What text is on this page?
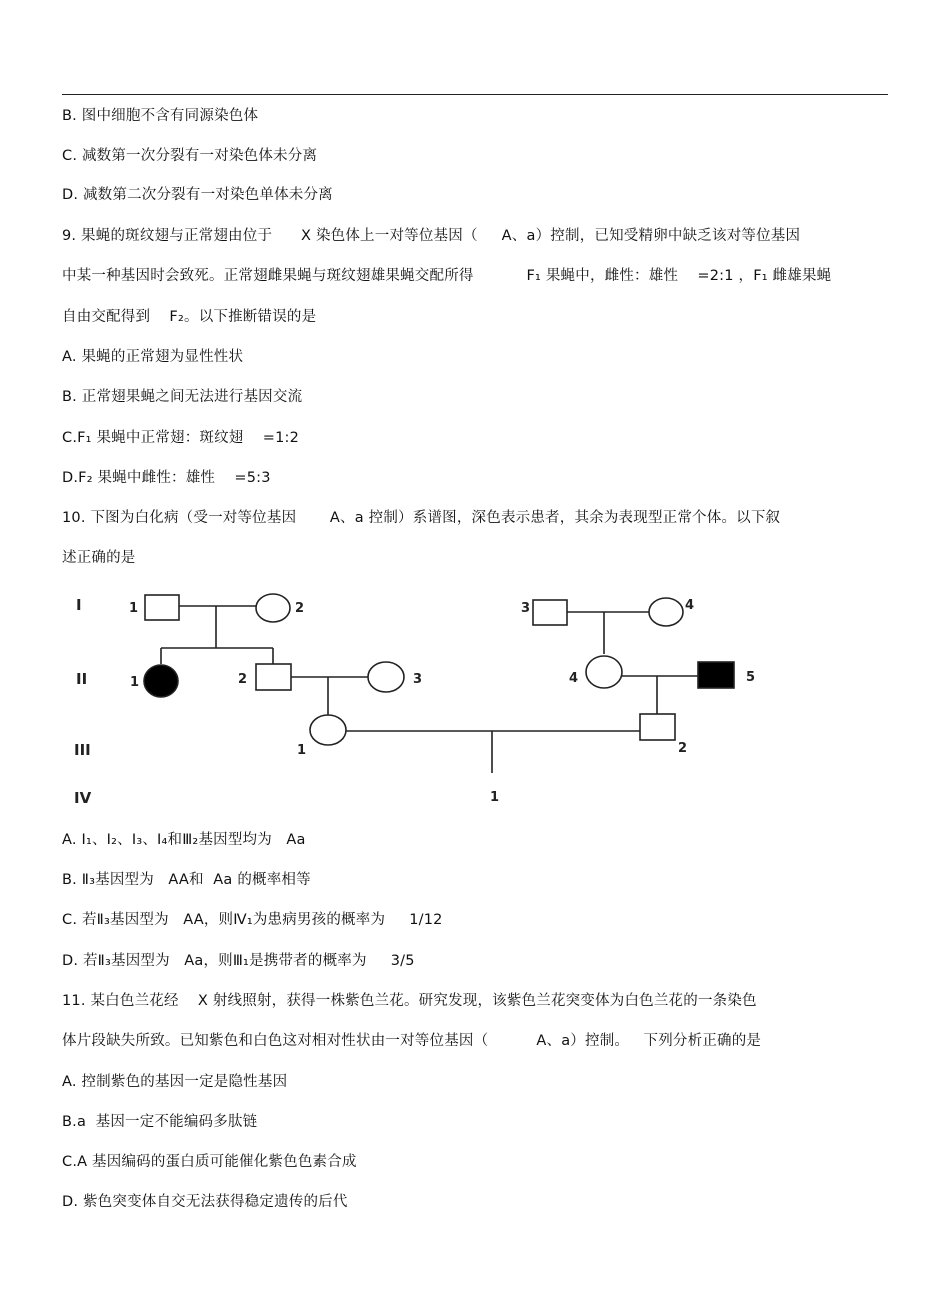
B. 图中细胞不含有同源染色体
C. 减数第一次分裂有一对染色体未分离
D. 减数第二次分裂有一对染色单体未分离
9. 果蝇的斑纹翅与正常翅由位于      X 染色体上一对等位基因（     A、a）控制，已知受精卵中缺乏该对等位基因
中某一种基因时会致死。正常翅雌果蝇与斑纹翅雄果蝇交配所得           F₁ 果蝇中，雌性：雄性    =2:1 ，F₁ 雌雄果蝇
自由交配得到    F₂。以下推断错误的是
A. 果蝇的正常翅为显性性状
B. 正常翅果蝇之间无法进行基因交流
C.F₁ 果蝇中正常翅：斑纹翅    =1:2
D.F₂ 果蝇中雌性：雄性    =5:3
10. 下图为白化病（受一对等位基因       A、a 控制）系谱图，深色表示患者，其余为表现型正常个体。以下叙
述正确的是
I
II
III
IV
1	2	3	4
1	2	3	4	5
1	2
1
A. Ⅰ₁、Ⅰ₂、Ⅰ₃、Ⅰ₄和Ⅲ₂基因型均为   Aa
B. Ⅱ₃基因型为   AA和  Aa 的概率相等
C. 若Ⅱ₃基因型为   AA，则Ⅳ₁为患病男孩的概率为     1/12
D. 若Ⅱ₃基因型为   Aa，则Ⅲ₁是携带者的概率为     3/5
11. 某白色兰花经    X 射线照射，获得一株紫色兰花。研究发现，该紫色兰花突变体为白色兰花的一条染色
体片段缺失所致。已知紫色和白色这对相对性状由一对等位基因（          A、a）控制。   下列分析正确的是
A. 控制紫色的基因一定是隐性基因
B.a  基因一定不能编码多肽链
C.A 基因编码的蛋白质可能催化紫色色素合成
D. 紫色突变体自交无法获得稳定遗传的后代
